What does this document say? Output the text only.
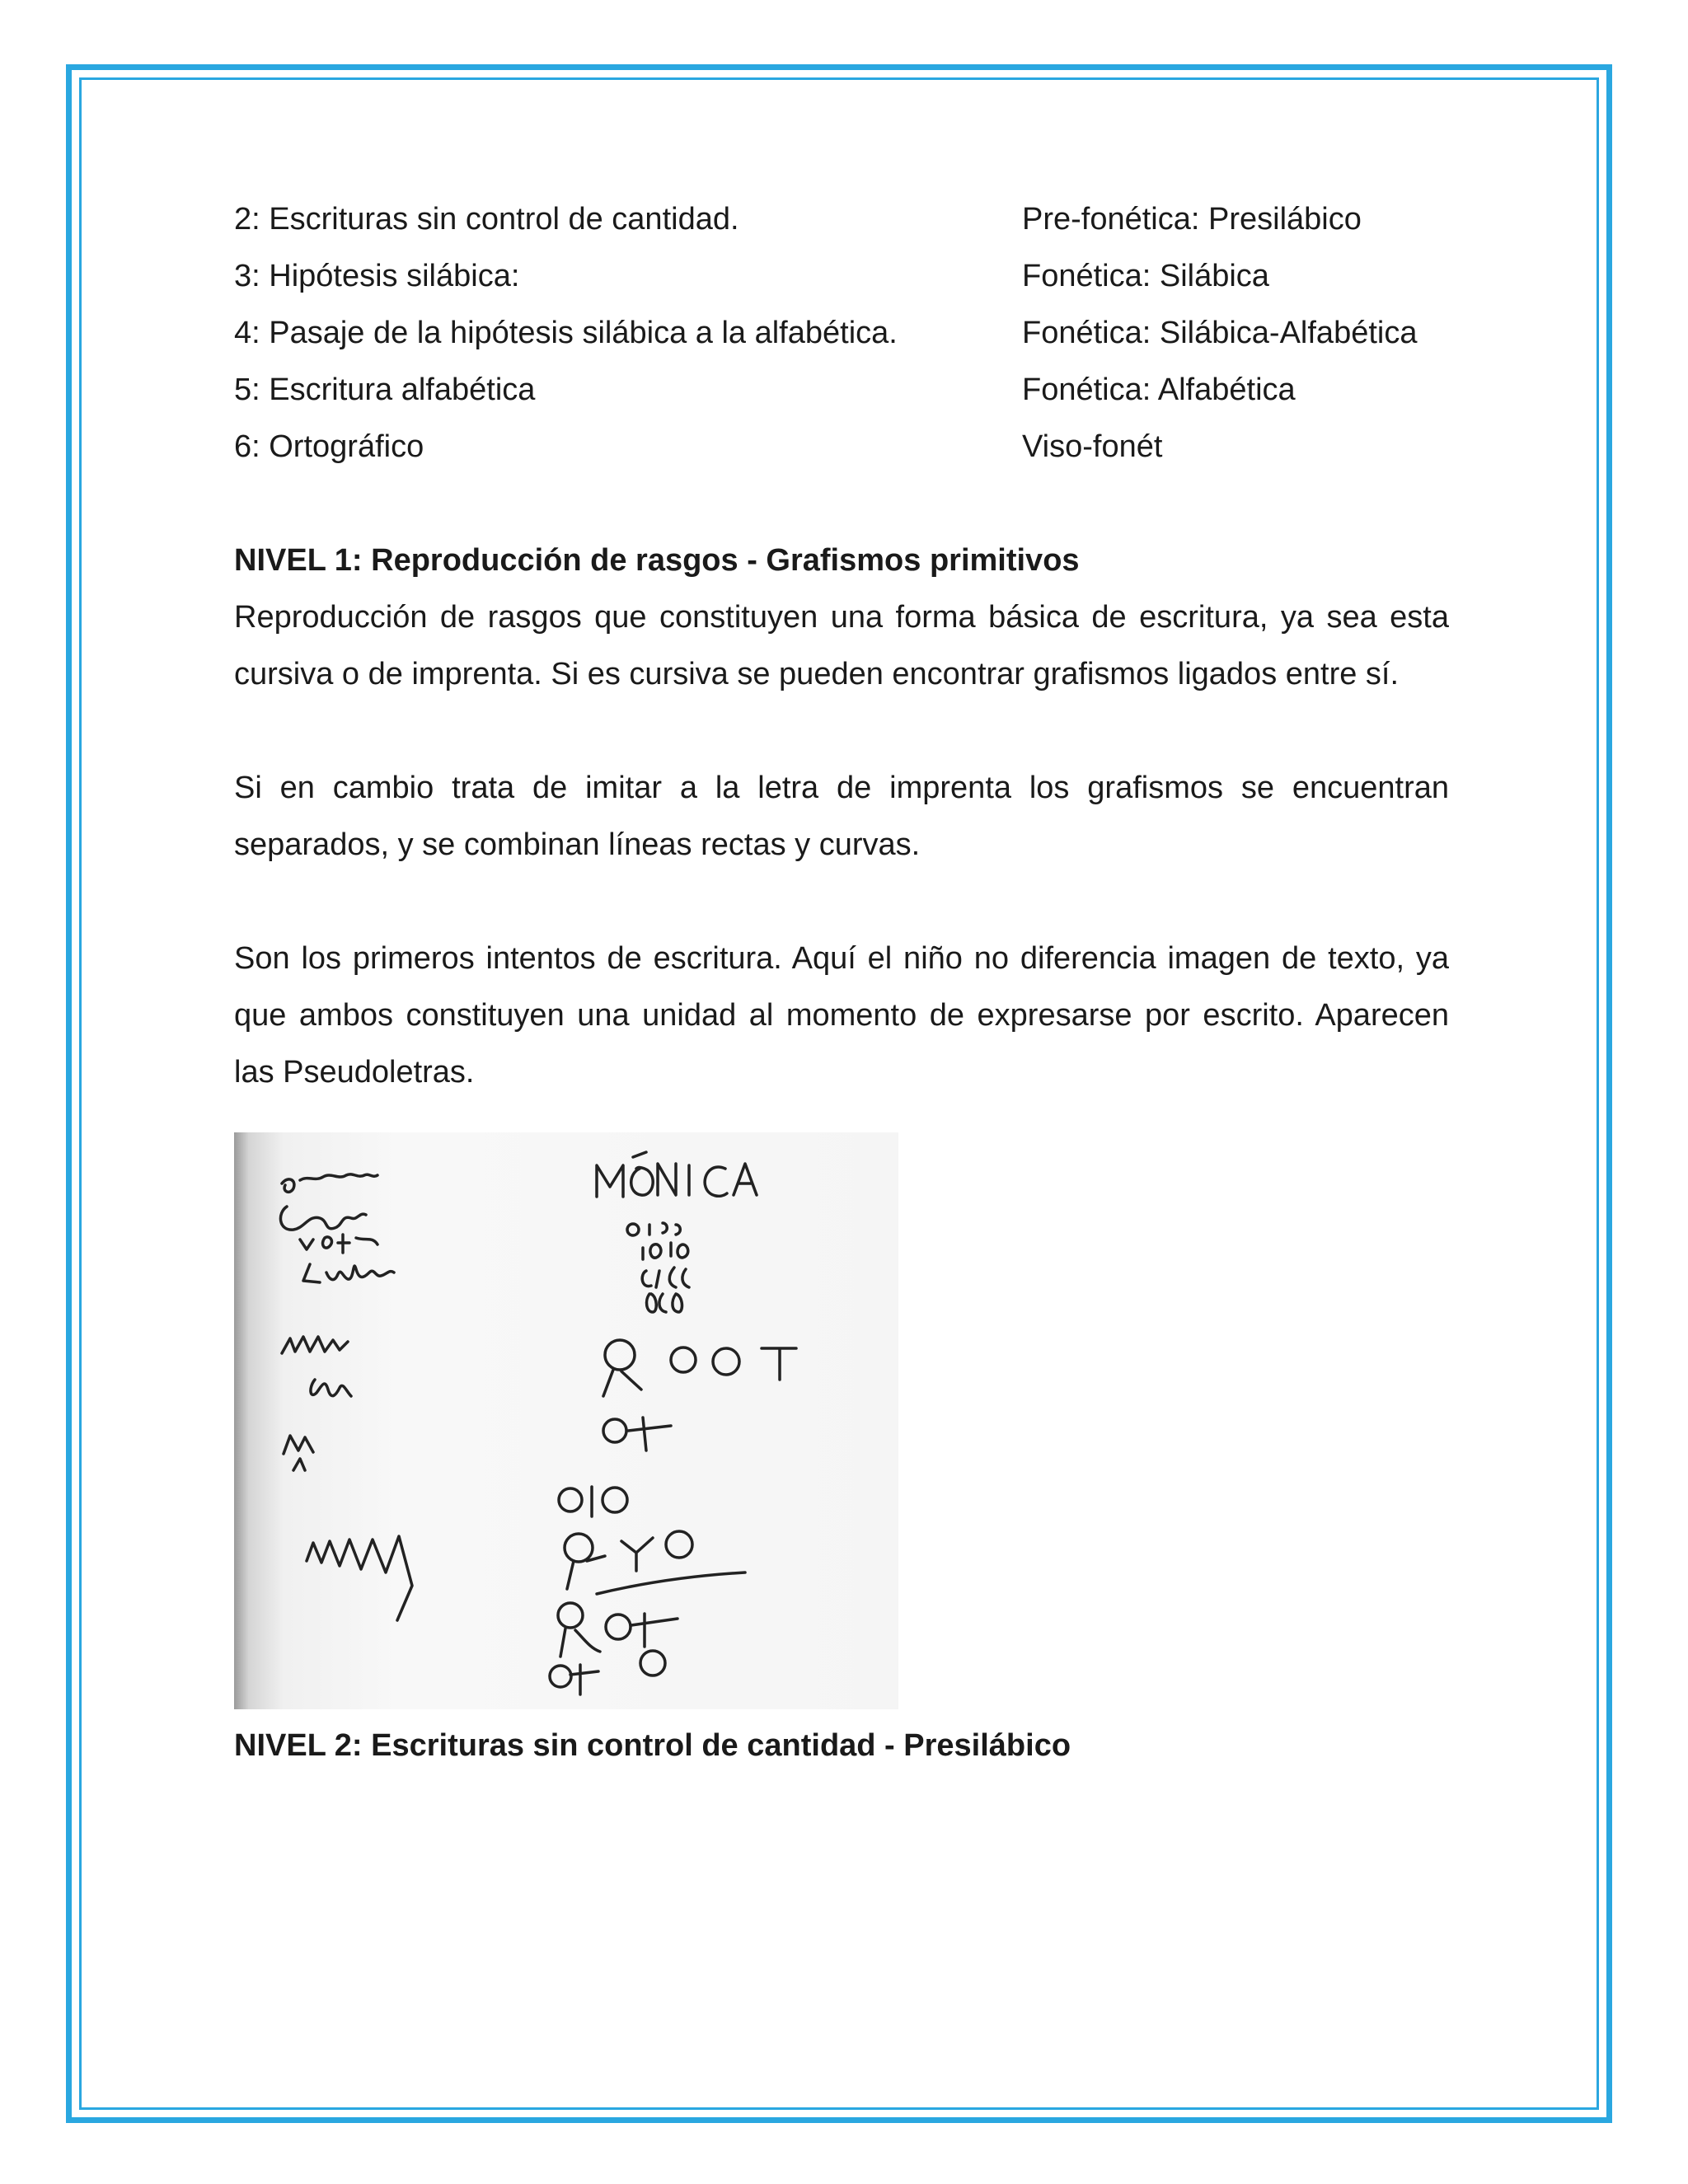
2: Escrituras sin control de cantidad.	Pre-fonética: Presilábico
3: Hipótesis silábica:	Fonética: Silábica
4: Pasaje de la hipótesis silábica a la alfabética.	Fonética: Silábica-Alfabética
5: Escritura alfabética	Fonética: Alfabética
6: Ortográfico	Viso-fonét
NIVEL 1: Reproducción de rasgos - Grafismos primitivos

Reproducción de rasgos que constituyen una forma básica de escritura, ya sea esta cursiva o de imprenta. Si es cursiva se pueden encontrar grafismos ligados entre sí.

Si en cambio trata de imitar a la letra de imprenta los grafismos se encuentran separados, y se combinan líneas rectas y curvas.

Son los primeros intentos de escritura. Aquí el niño no diferencia imagen de texto, ya que ambos constituyen una unidad al momento de expresarse por escrito. Aparecen las Pseudoletras.

NIVEL 2: Escrituras sin control de cantidad - Presilábico
